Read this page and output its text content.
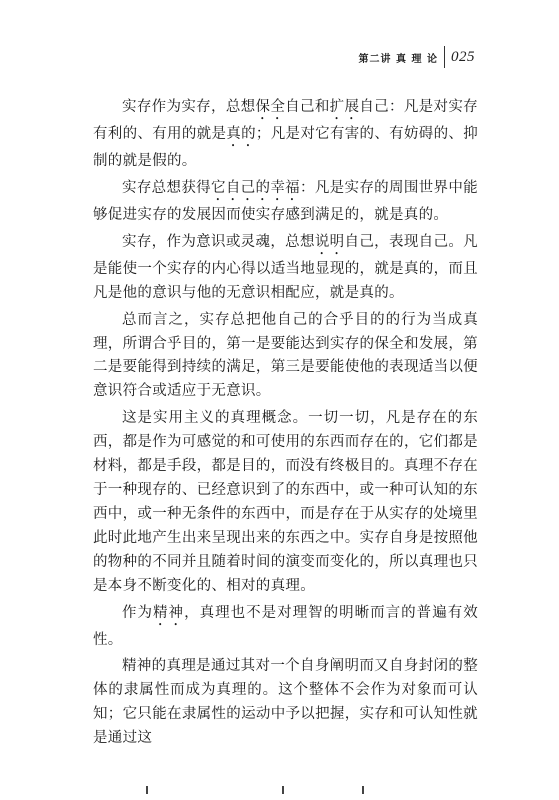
第二讲 真 理 论 025

实存作为实存，总想保全自己和扩展自己：凡是对实存有利的、有用的就是真的；凡是对它有害的、有妨碍的、抑制的就是假的。

实存总想获得它自己的幸福：凡是实存的周围世界中能够促进实存的发展因而使实存感到满足的，就是真的。

实存，作为意识或灵魂，总想说明自己，表现自己。凡是能使一个实存的内心得以适当地显现的，就是真的，而且凡是他的意识与他的无意识相配应，就是真的。

总而言之，实存总把他自己的合乎目的的行为当成真理，所谓合乎目的，第一是要能达到实存的保全和发展，第二是要能得到持续的满足，第三是要能使他的表现适当以便意识符合或适应于无意识。

这是实用主义的真理概念。一切一切，凡是存在的东西，都是作为可感觉的和可使用的东西而存在的，它们都是材料，都是手段，都是目的，而没有终极目的。真理不存在于一种现存的、已经意识到了的东西中，或一种可认知的东西中，或一种无条件的东西中，而是存在于从实存的处境里此时此地产生出来呈现出来的东西之中。实存自身是按照他的物种的不同并且随着时间的演变而变化的，所以真理也只是本身不断变化的、相对的真理。

作为精神，真理也不是对理智的明晰而言的普遍有效性。

精神的真理是通过其对一个自身阐明而又自身封闭的整体的隶属性而成为真理的。这个整体不会作为对象而可认知；它只能在隶属性的运动中予以把握，实存和可认知性就是通过这
